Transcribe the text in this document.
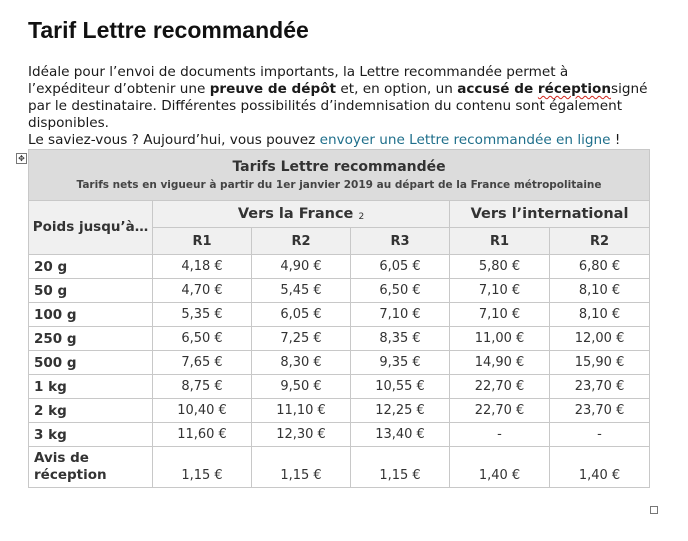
Tarif Lettre recommandée

Idéale pour l’envoi de documents importants, la Lettre recommandée permet à l’expéditeur d’obtenir une preuve de dépôt et, en option, un accusé de réceptionsigné par le destinataire. Différentes possibilités d’indemnisation du contenu sont également disponibles.

Le saviez-vous ? Aujourd’hui, vous pouvez envoyer une Lettre recommandée en ligne !

✥
Tarifs Lettre recommandée
Tarifs nets en vigueur à partir du 1er janvier 2019 au départ de la France métropolitaine					

Poids jusqu’à…	Vers la France $_2$			Vers l’international	
	R1	R2	R3	R1	R2
20 g	4,18 €	4,90 €	6,05 €	5,80 €	6,80 €
50 g	4,70 €	5,45 €	6,50 €	7,10 €	8,10 €
100 g	5,35 €	6,05 €	7,10 €	7,10 €	8,10 €
250 g	6,50 €	7,25 €	8,35 €	11,00 €	12,00 €
500 g	7,65 €	8,30 €	9,35 €	14,90 €	15,90 €
1 kg	8,75 €	9,50 €	10,55 €	22,70 €	23,70 €
2 kg	10,40 €	11,10 €	12,25 €	22,70 €	23,70 €
3 kg	11,60 €	12,30 €	13,40 €	-	-
Avis de réception	1,15 €	1,15 €	1,15 €	1,40 €	1,40 €
